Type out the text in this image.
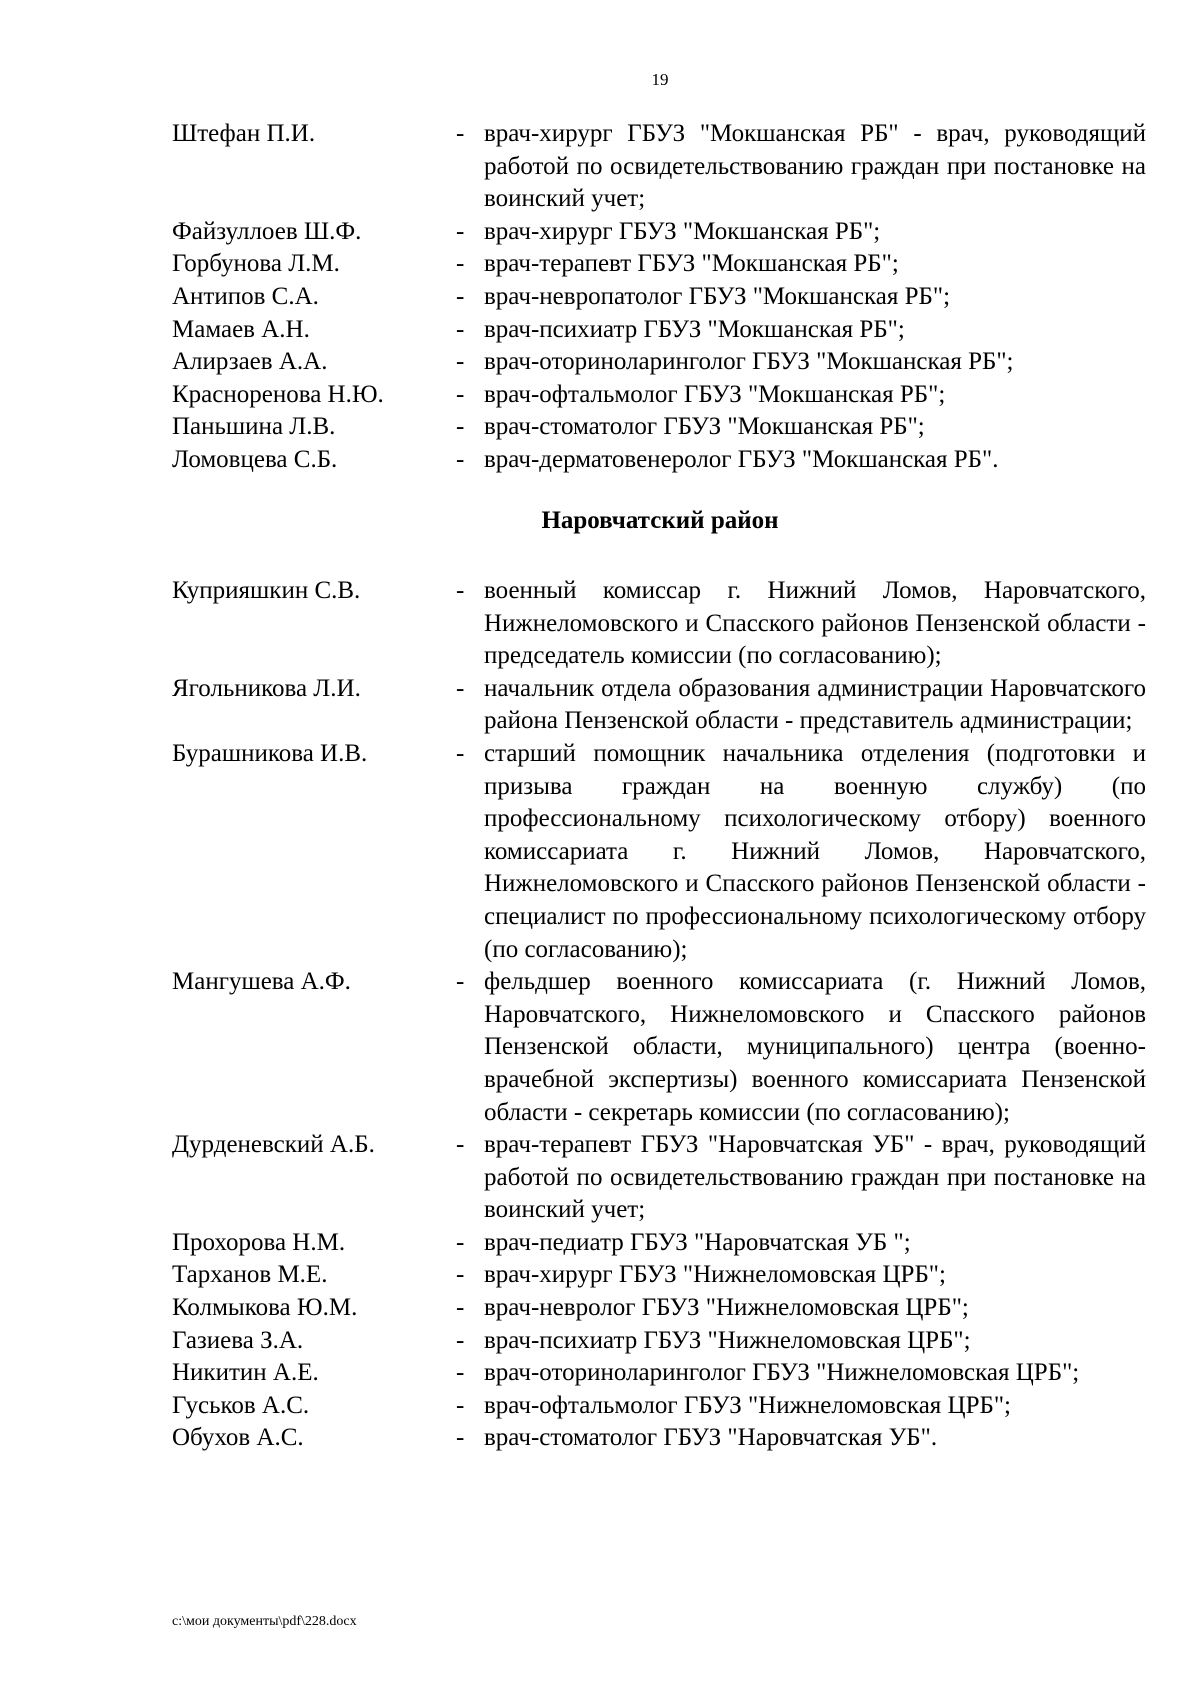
19
Штефан П.И.	- врач-хирург ГБУЗ "Мокшанская РБ" - врач, руководящий работой по освидетельствованию граждан при постановке на воинский учет;
Файзуллоев Ш.Ф.	- врач-хирург ГБУЗ "Мокшанская РБ";
Горбунова Л.М.	- врач-терапевт ГБУЗ "Мокшанская РБ";
Антипов С.А.	- врач-невропатолог ГБУЗ "Мокшанская РБ";
Мамаев А.Н.	- врач-психиатр ГБУЗ "Мокшанская РБ";
Алирзаев А.А.	- врач-оториноларинголог ГБУЗ "Мокшанская РБ";
Красноренова Н.Ю.	- врач-офтальмолог ГБУЗ "Мокшанская РБ";
Паньшина Л.В.	- врач-стоматолог ГБУЗ "Мокшанская РБ";
Ломовцева С.Б.	- врач-дерматовенеролог ГБУЗ "Мокшанская РБ".
Наровчатский район
Куприяшкин С.В.	- военный комиссар г. Нижний Ломов, Наровчатского, Нижнеломовского и Спасского районов Пензенской области - председатель комиссии (по согласованию);
Ягольникова Л.И.	- начальник отдела образования администрации Наровчатского района Пензенской области - представитель администрации;
Бурашникова И.В.	- старший помощник начальника отделения (подготовки и призыва граждан на военную службу) (по профессиональному психологическому отбору) военного комиссариата г. Нижний Ломов, Наровчатского, Нижнеломовского и Спасского районов Пензенской области - специалист по профессиональному психологическому отбору (по согласованию);
Мангушева А.Ф.	- фельдшер военного комиссариата (г. Нижний Ломов, Наровчатского, Нижнеломовского и Спасского районов Пензенской области, муниципального) центра (военно-врачебной экспертизы) военного комиссариата Пензенской области - секретарь комиссии (по согласованию);
Дурденевский А.Б.	- врач-терапевт ГБУЗ "Наровчатская УБ" - врач, руководящий работой по освидетельствованию граждан при постановке на воинский учет;
Прохорова Н.М.	- врач-педиатр ГБУЗ "Наровчатская УБ ";
Тарханов М.Е.	- врач-хирург ГБУЗ "Нижнеломовская ЦРБ";
Колмыкова Ю.М.	- врач-невролог ГБУЗ "Нижнеломовская ЦРБ";
Газиева З.А.	- врач-психиатр ГБУЗ "Нижнеломовская ЦРБ";
Никитин А.Е.	- врач-оториноларинголог ГБУЗ "Нижнеломовская ЦРБ";
Гуськов А.С.	- врач-офтальмолог ГБУЗ "Нижнеломовская ЦРБ";
Обухов А.С.	- врач-стоматолог ГБУЗ "Наровчатская УБ".
c:\мои документы\pdf\228.docx
